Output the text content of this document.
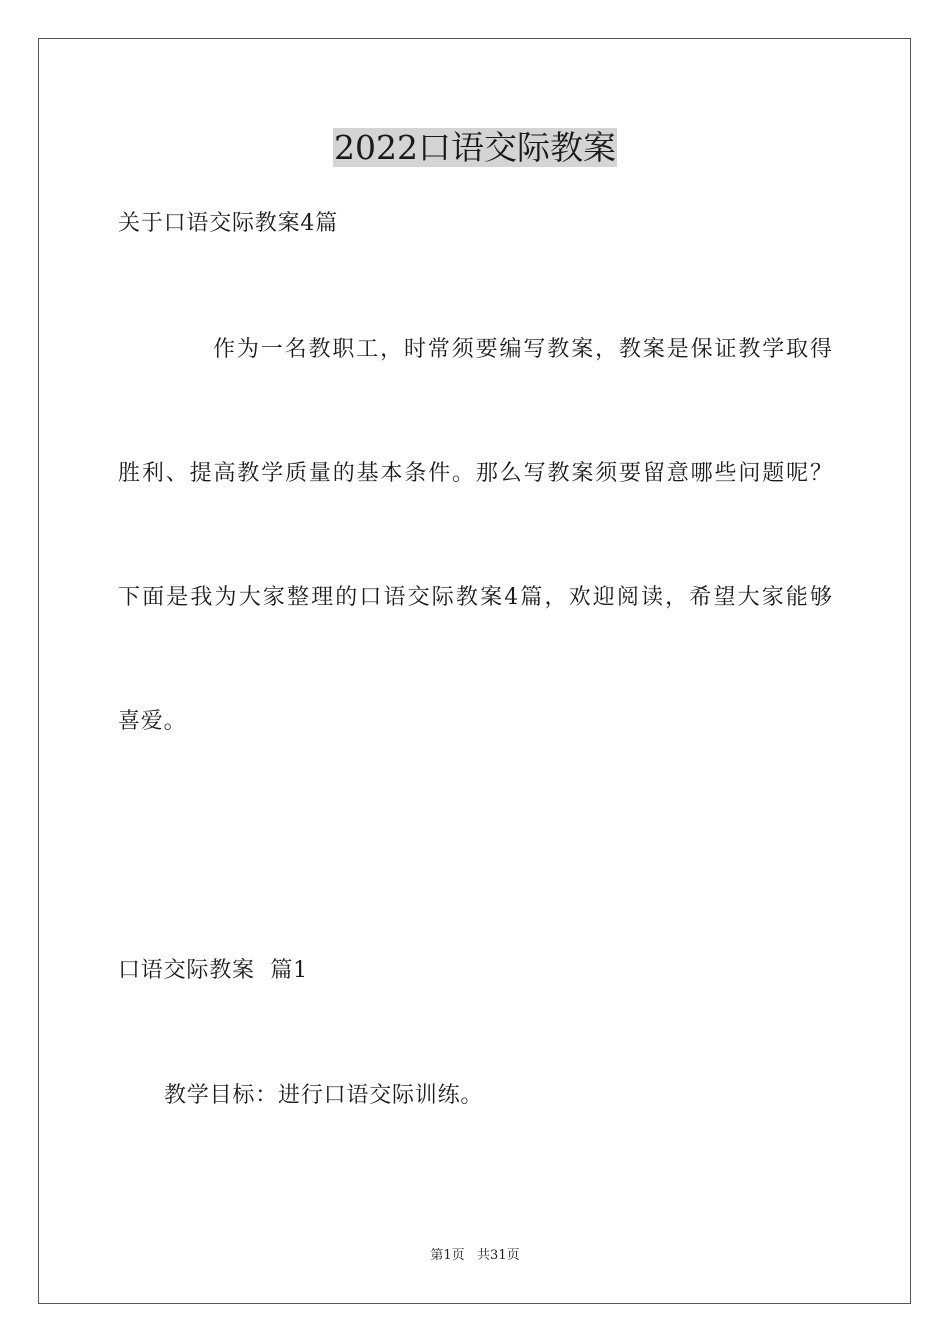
2022口语交际教案
关于口语交际教案4篇
作为一名教职工，时常须要编写教案，教案是保证教学取得
胜利、提高教学质量的基本条件。那么写教案须要留意哪些问题呢？
下面是我为大家整理的口语交际教案4篇，欢迎阅读，希望大家能够
喜爱。
口语交际教案  篇1
教学目标：进行口语交际训练。
第1页   共31页
